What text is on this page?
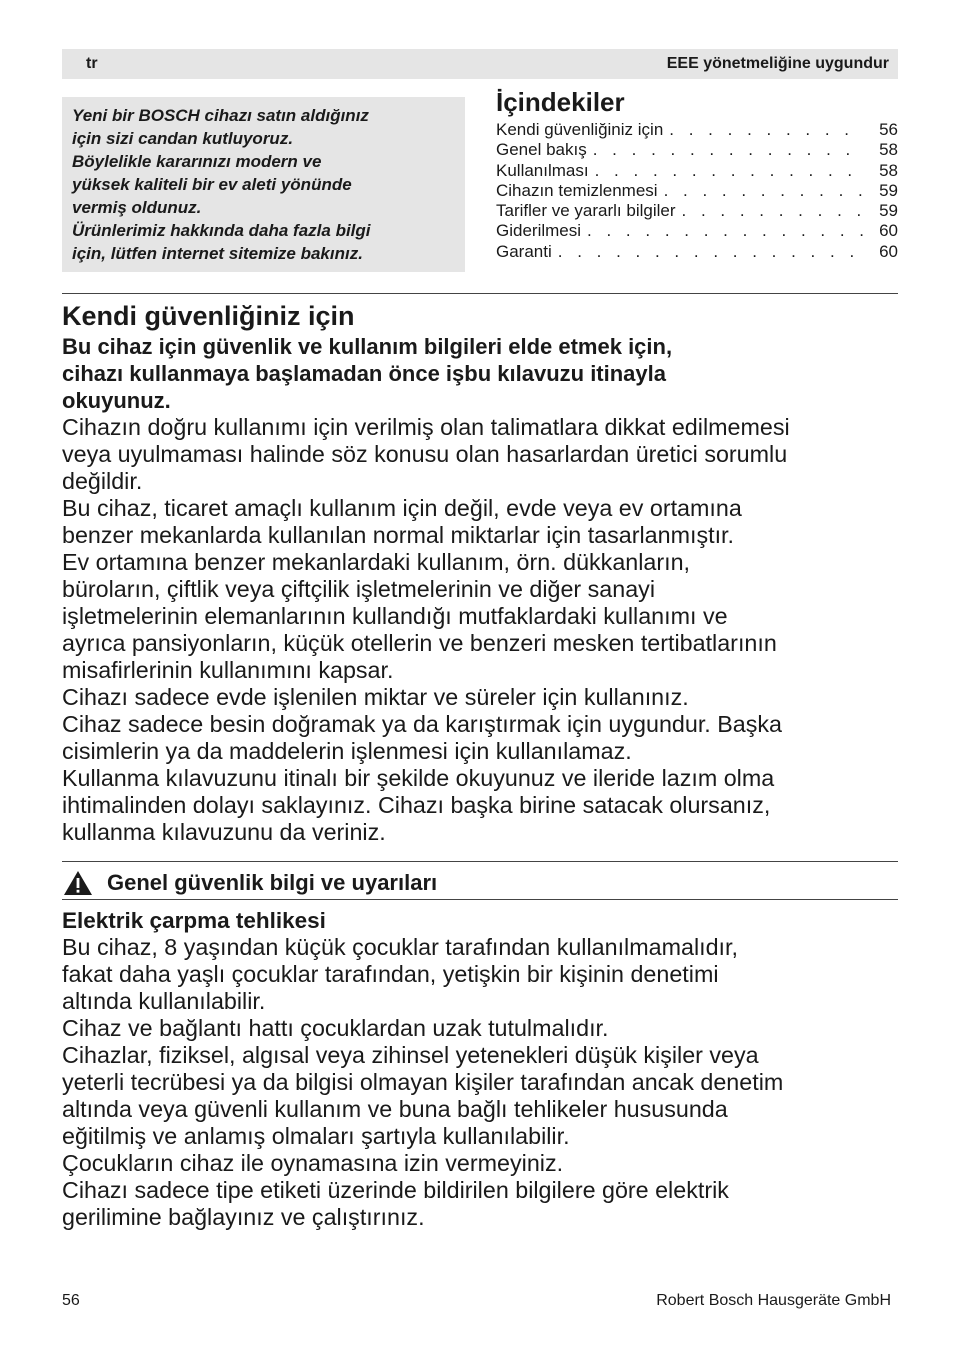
tr	EEE yönetmeliğine uygundur

Yeni bir BOSCH cihazı satın aldığınız

için sizi candan kutluyoruz.

Böylelikle kararınızı modern ve

yüksek kaliteli bir ev aleti yönünde

vermiş oldunuz.

Ürünlerimiz hakkında daha fazla bilgi

için, lütfen internet sitemize bakınız.

İçindekiler
Kendi güvenliğiniz için . . .	56
Genel bakış . . .	58
Kullanılması . . .	58
Cihazın temizlenmesi . . .	59
Tarifler ve yararlı bilgiler . . .	59
Giderilmesi . . .	60
Garanti . . .	60
Kendi güvenliğiniz için

Bu cihaz için güvenlik ve kullanım bilgileri elde etmek için,

cihazı kullanmaya başlamadan önce işbu kılavuzu itinayla

okuyunuz.

Cihazın doğru kullanımı için verilmiş olan talimatlara dikkat edilmemesi

veya uyulmaması halinde söz konusu olan hasarlardan üretici sorumlu

değildir.

Bu cihaz, ticaret amaçlı kullanım için değil, evde veya ev ortamına

benzer mekanlarda kullanılan normal miktarlar için tasarlanmıştır.

Ev ortamına benzer mekanlardaki kullanım, örn. dükkanların,

büroların, çiftlik veya çiftçilik işletmelerinin ve diğer sanayi

işletmelerinin elemanlarının kullandığı mutfaklardaki kullanımı ve

ayrıca pansiyonların, küçük otellerin ve benzeri mesken tertibatlarının

misafirlerinin kullanımını kapsar.

Cihazı sadece evde işlenilen miktar ve süreler için kullanınız.

Cihaz sadece besin doğramak ya da karıştırmak için uygundur. Başka

cisimlerin ya da maddelerin işlenmesi için kullanılamaz.

Kullanma kılavuzunu itinalı bir şekilde okuyunuz ve ileride lazım olma

ihtimalinden dolayı saklayınız. Cihazı başka birine satacak olursanız,

kullanma kılavuzunu da veriniz.

Genel güvenlik bilgi ve uyarıları
Elektrik çarpma tehlikesi

Bu cihaz, 8 yaşından küçük çocuklar tarafından kullanılmamalıdır,

fakat daha yaşlı çocuklar tarafından, yetişkin bir kişinin denetimi

altında kullanılabilir.

Cihaz ve bağlantı hattı çocuklardan uzak tutulmalıdır.

Cihazlar, fiziksel, algısal veya zihinsel yetenekleri düşük kişiler veya

yeterli tecrübesi ya da bilgisi olmayan kişiler tarafından ancak denetim

altında veya güvenli kullanım ve buna bağlı tehlikeler hususunda

eğitilmiş ve anlamış olmaları şartıyla kullanılabilir.

Çocukların cihaz ile oynamasına izin vermeyiniz.

Cihazı sadece tipe etiketi üzerinde bildirilen bilgilere göre elektrik

gerilimine bağlayınız ve çalıştırınız.

56	Robert Bosch Hausgeräte GmbH
